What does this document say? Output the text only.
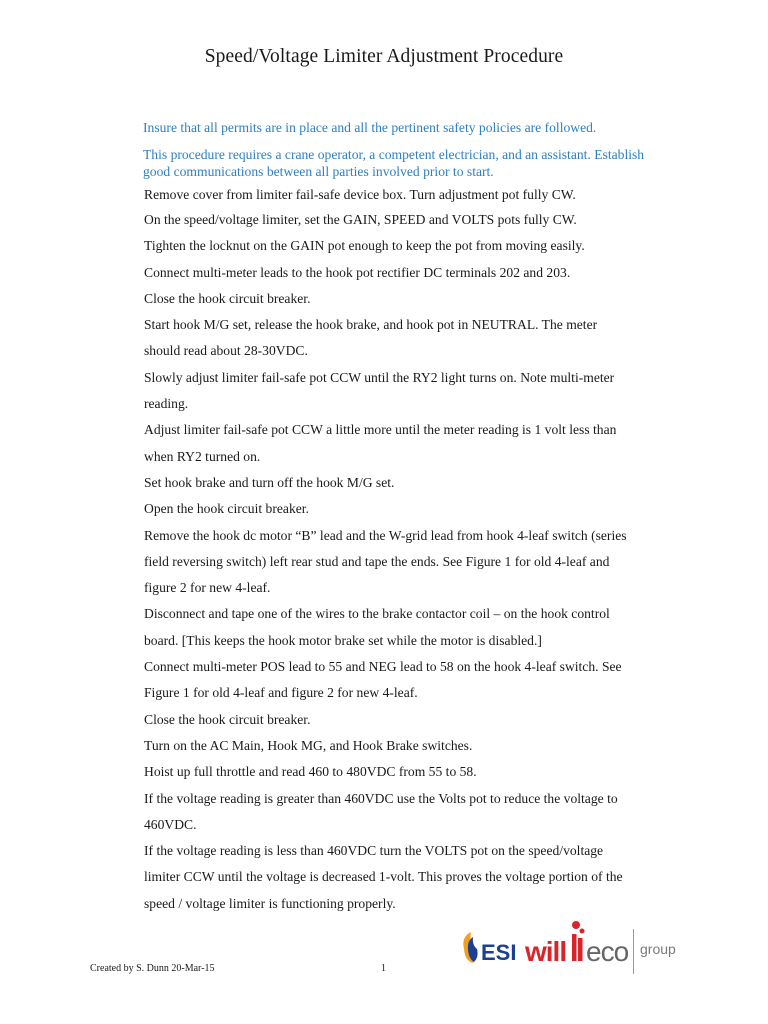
Speed/Voltage Limiter Adjustment Procedure

Insure that all permits are in place and all the pertinent safety policies are followed.

This procedure requires a crane operator, a competent electrician, and an assistant. Establish good communications between all parties involved prior to start.

Remove cover from limiter fail-safe device box. Turn adjustment pot fully CW.
On the speed/voltage limiter, set the GAIN, SPEED and VOLTS pots fully CW.
Tighten the locknut on the GAIN pot enough to keep the pot from moving easily.
Connect multi-meter leads to the hook pot rectifier DC terminals 202 and 203.
Close the hook circuit breaker.
Start hook M/G set, release the hook brake, and hook pot in NEUTRAL. The meter
should read about 28-30VDC.
Slowly adjust limiter fail-safe pot CCW until the RY2 light turns on. Note multi-meter
reading.
Adjust limiter fail-safe pot CCW a little more until the meter reading is 1 volt less than
when RY2 turned on.
Set hook brake and turn off the hook M/G set.
Open the hook circuit breaker.
Remove the hook dc motor “B” lead and the W-grid lead from hook 4-leaf switch (series
field reversing switch) left rear stud and tape the ends. See Figure 1 for old 4-leaf and
figure 2 for new 4-leaf.
Disconnect and tape one of the wires to the brake contactor coil – on the hook control
board. [This keeps the hook motor brake set while the motor is disabled.]
Connect multi-meter POS lead to 55 and NEG lead to 58 on the hook 4-leaf switch. See
Figure 1 for old 4-leaf and figure 2 for new 4-leaf.
Close the hook circuit breaker.
Turn on the AC Main, Hook MG, and Hook Brake switches.
Hoist up full throttle and read 460 to 480VDC from 55 to 58.
If the voltage reading is greater than 460VDC use the Volts pot to reduce the voltage to
460VDC.
If the voltage reading is less than 460VDC turn the VOLTS pot on the speed/voltage
limiter CCW until the voltage is decreased 1-volt. This proves the voltage portion of the
speed / voltage limiter is functioning properly.
Created by S. Dunn 20-Mar-15	1
ESI will eco group
